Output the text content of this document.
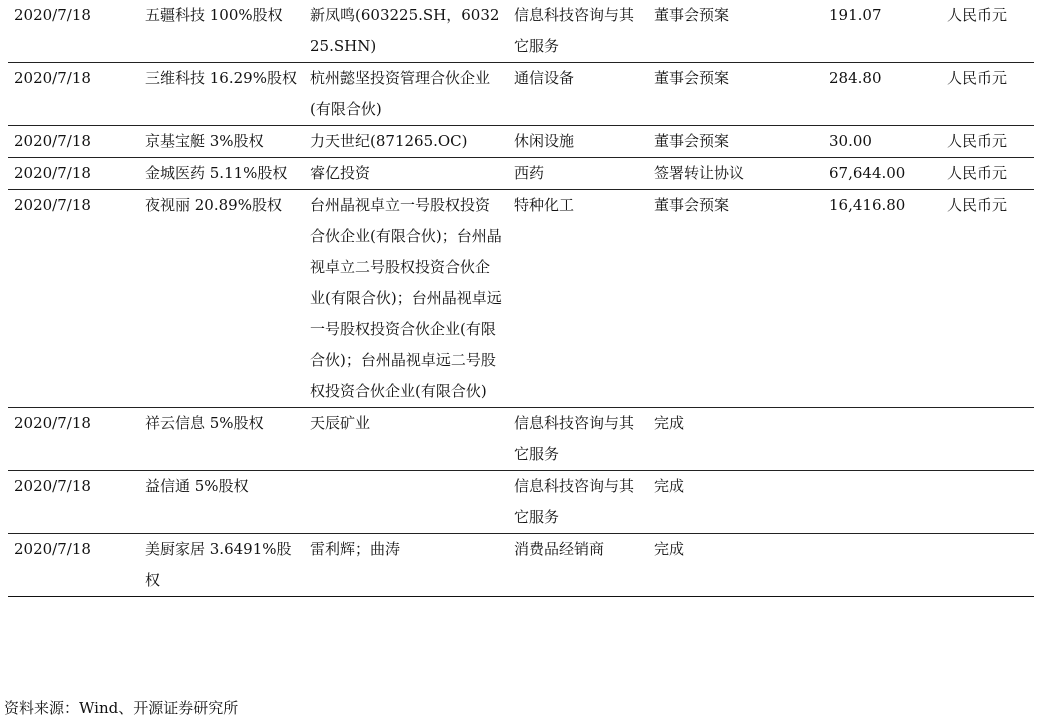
2020/7/18	五疆科技 100%股权	新凤鸣(603225.SH，603225.SHN)	信息科技咨询与其它服务	董事会预案	191.07	人民币元
2020/7/18	三维科技 16.29%股权	杭州懿坚投资管理合伙企业(有限合伙)	通信设备	董事会预案	284.80	人民币元
2020/7/18	京基宝艇 3%股权	力天世纪(871265.OC)	休闲设施	董事会预案	30.00	人民币元
2020/7/18	金城医药 5.11%股权	睿亿投资	西药	签署转让协议	67,644.00	人民币元
2020/7/18	夜视丽 20.89%股权	台州晶视卓立一号股权投资合伙企业(有限合伙)；台州晶视卓立二号股权投资合伙企业(有限合伙)；台州晶视卓远一号股权投资合伙企业(有限合伙)；台州晶视卓远二号股权投资合伙企业(有限合伙)	特种化工	董事会预案	16,416.80	人民币元
2020/7/18	祥云信息 5%股权	天辰矿业	信息科技咨询与其它服务	完成		
2020/7/18	益信通 5%股权		信息科技咨询与其它服务	完成		
2020/7/18	美厨家居 3.6491%股权	雷利辉；曲涛	消费品经销商	完成		
资料来源：Wind、开源证券研究所
